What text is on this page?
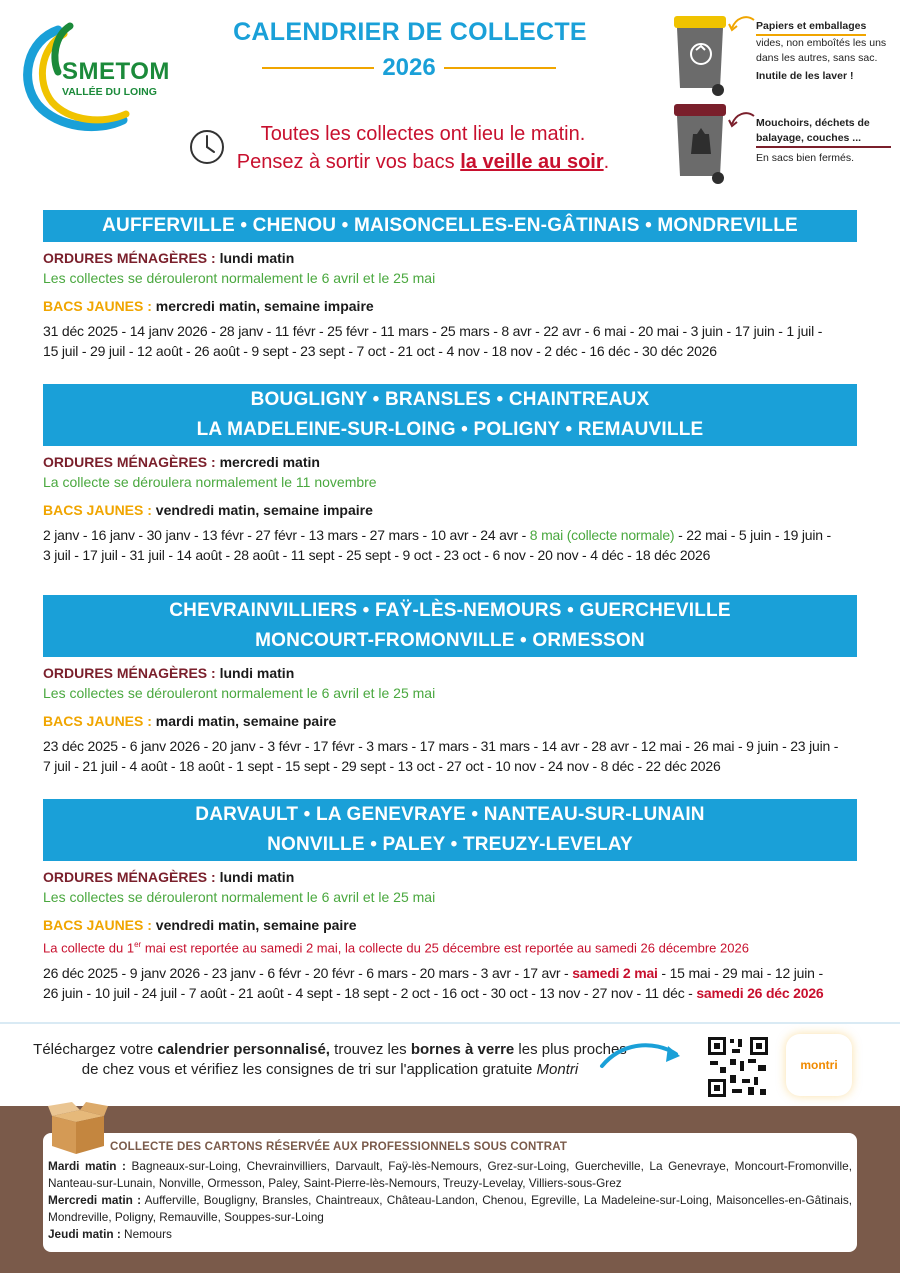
SMETOM
VALLÉE DU LOING
CALENDRIER DE COLLECTE
2026
Toutes les collectes ont lieu le matin.
Pensez à sortir vos bacs la veille au soir.
Papiers et emballages
vides, non emboîtés les uns dans les autres, sans sac.
Inutile de les laver !
Mouchoirs, déchets de balayage, couches ...
En sacs bien fermés.
AUFFERVILLE • CHENOU • MAISONCELLES-EN-GÂTINAIS • MONDREVILLE
ORDURES MÉNAGÈRES : lundi matin
Les collectes se dérouleront normalement le 6 avril et le 25 mai
BACS JAUNES : mercredi matin, semaine impaire
31 déc 2025 - 14 janv 2026 - 28 janv - 11 févr - 25 févr - 11 mars - 25 mars - 8 avr - 22 avr - 6 mai - 20 mai - 3 juin - 17 juin - 1 juil -
15 juil - 29 juil - 12 août - 26 août - 9 sept - 23 sept - 7 oct - 21 oct - 4 nov - 18 nov - 2 déc - 16 déc - 30 déc 2026
BOUGLIGNY • BRANSLES • CHAINTREAUX
LA MADELEINE-SUR-LOING • POLIGNY • REMAUVILLE
ORDURES MÉNAGÈRES : mercredi matin
La collecte se déroulera normalement le 11 novembre
BACS JAUNES : vendredi matin, semaine impaire
2 janv - 16 janv - 30 janv - 13 févr - 27 févr - 13 mars - 27 mars - 10 avr - 24 avr - 8 mai (collecte normale) - 22 mai - 5 juin - 19 juin -
3 juil - 17 juil - 31 juil - 14 août - 28 août - 11 sept - 25 sept - 9 oct - 23 oct - 6 nov - 20 nov - 4 déc - 18 déc 2026
CHEVRAINVILLIERS • FAŸ-LÈS-NEMOURS • GUERCHEVILLE
MONCOURT-FROMONVILLE • ORMESSON
ORDURES MÉNAGÈRES : lundi matin
Les collectes se dérouleront normalement le 6 avril et le 25 mai
BACS JAUNES : mardi matin, semaine paire
23 déc 2025 - 6 janv 2026 - 20 janv - 3 févr - 17 févr - 3 mars - 17 mars - 31 mars - 14 avr - 28 avr - 12 mai - 26 mai - 9 juin - 23 juin -
7 juil - 21 juil - 4 août - 18 août - 1 sept - 15 sept - 29 sept - 13 oct - 27 oct - 10 nov - 24 nov - 8 déc - 22 déc 2026
DARVAULT • LA GENEVRAYE • NANTEAU-SUR-LUNAIN
NONVILLE • PALEY • TREUZY-LEVELAY
ORDURES MÉNAGÈRES : lundi matin
Les collectes se dérouleront normalement le 6 avril et le 25 mai
BACS JAUNES : vendredi matin, semaine paire
La collecte du 1er mai est reportée au samedi 2 mai, la collecte du 25 décembre est reportée au samedi 26 décembre 2026
26 déc 2025 - 9 janv 2026 - 23 janv - 6 févr - 20 févr - 6 mars - 20 mars - 3 avr - 17 avr - samedi 2 mai - 15 mai - 29 mai - 12 juin -
26 juin - 10 juil - 24 juil - 7 août - 21 août - 4 sept - 18 sept - 2 oct - 16 oct - 30 oct - 13 nov - 27 nov - 11 déc - samedi 26 déc 2026
Téléchargez votre calendrier personnalisé, trouvez les bornes à verre les plus proches
de chez vous et vérifiez les consignes de tri sur l'application gratuite Montri	montri
COLLECTE DES CARTONS RÉSERVÉE AUX PROFESSIONNELS SOUS CONTRAT
Mardi matin : Bagneaux-sur-Loing, Chevrainvilliers, Darvault, Faÿ-lès-Nemours, Grez-sur-Loing, Guercheville, La Genevraye, Moncourt-Fromonville, Nanteau-sur-Lunain, Nonville, Ormesson, Paley, Saint-Pierre-lès-Nemours, Treuzy-Levelay, Villiers-sous-Grez
Mercredi matin : Aufferville, Bougligny, Bransles, Chaintreaux, Château-Landon, Chenou, Egreville, La Madeleine-sur-Loing, Maisoncelles-en-Gâtinais, Mondreville, Poligny, Remauville, Souppes-sur-Loing
Jeudi matin : Nemours
